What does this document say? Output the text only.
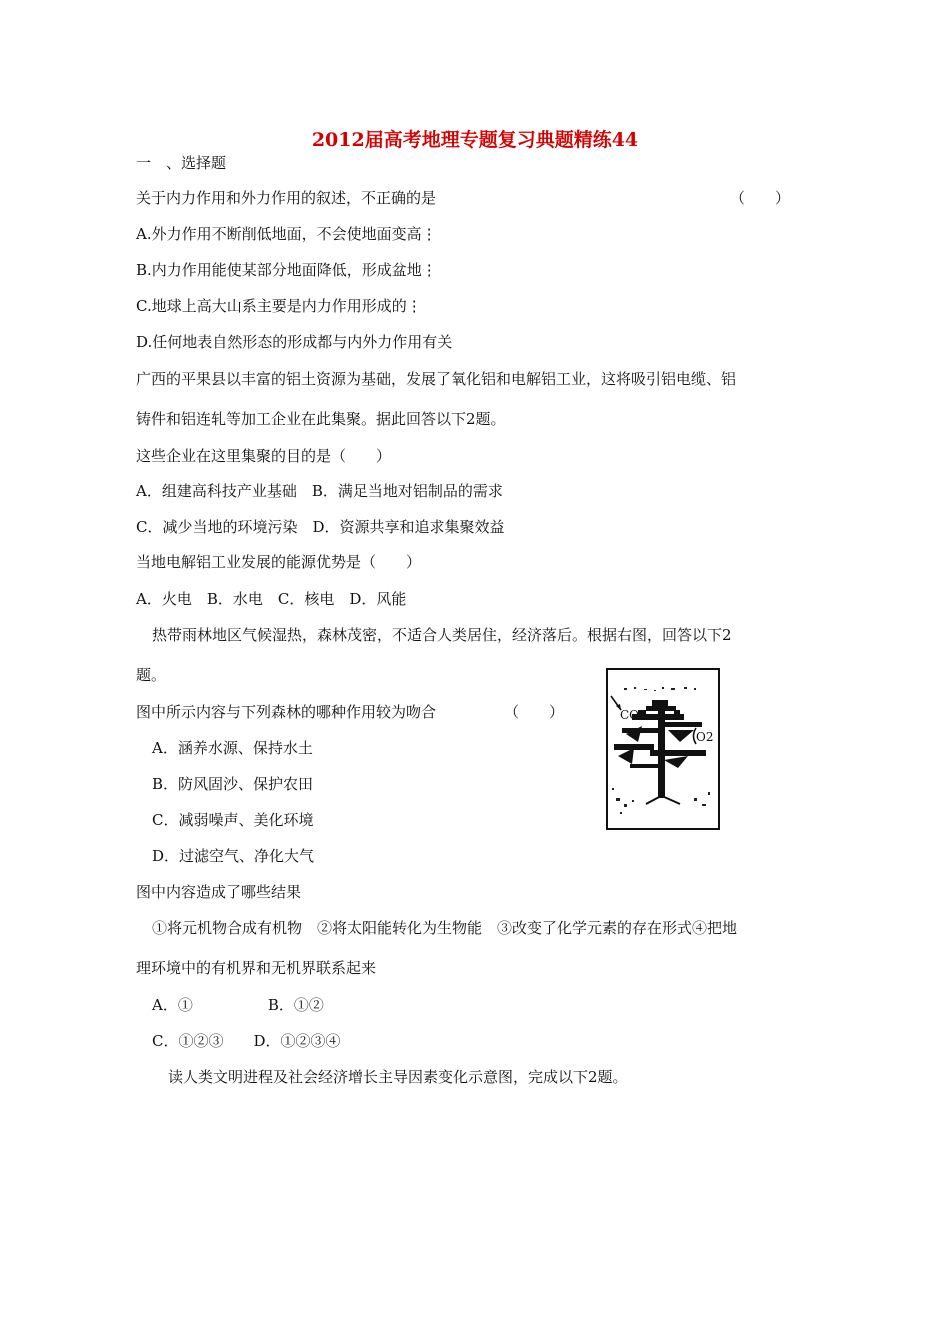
2012届高考地理专题复习典题精练44
一　、选择题
关于内力作用和外力作用的叙述，不正确的是	（　　）
A.外力作用不断削低地面，不会使地面变高⋮
B.内力作用能使某部分地面降低，形成盆地⋮
C.地球上高大山系主要是内力作用形成的⋮
D.任何地表自然形态的形成都与内外力作用有关
广西的平果县以丰富的铝土资源为基础，发展了氧化铝和电解铝工业，这将吸引铝电缆、铝
铸件和铝连轧等加工企业在此集聚。据此回答以下2题。
这些企业在这里集聚的目的是（　　）
A．组建高科技产业基础　B．满足当地对铝制品的需求
C．减少当地的环境污染　D．资源共享和追求集聚效益
当地电解铝工业发展的能源优势是（　　）
A．火电　B．水电　C．核电　D．风能
热带雨林地区气候湿热，森林茂密，不适合人类居住，经济落后。根据右图，回答以下2
题。
图中所示内容与下列森林的哪种作用较为吻合	（　　）
A．涵养水源、保持水土
B．防风固沙、保护农田
C．减弱噪声、美化环境
D．过滤空气、净化大气
CO2
O2
图中内容造成了哪些结果
①将元机物合成有机物　②将太阳能转化为生物能　③改变了化学元素的存在形式④把地
理环境中的有机界和无机界联系起来
A．①　　　　　B．①②
C．①②③　　D．①②③④
读人类文明进程及社会经济增长主导因素变化示意图，完成以下2题。
